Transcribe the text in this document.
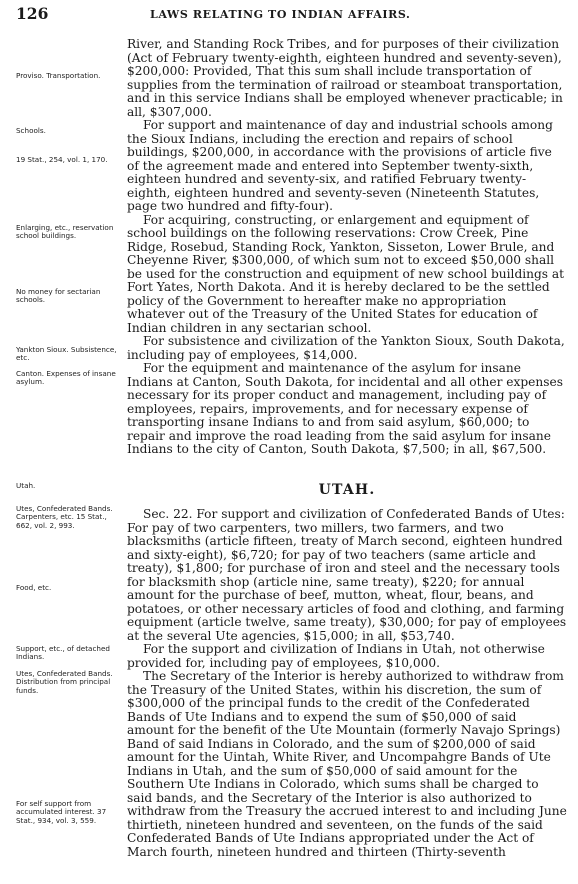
126	LAWS RELATING TO INDIAN AFFAIRS.
Proviso. Transportation.
Schools.
19 Stat., 254, vol. 1, 170.
Enlarging, etc., reservation school buildings.
No money for sectarian schools.
Yankton Sioux. Subsistence, etc.
Canton. Expenses of insane asylum.
Utah.
Utes, Confederated Bands. Carpenters, etc. 15 Stat., 662, vol. 2, 993.
Food, etc.
Support, etc., of detached Indians.
Utes, Confederated Bands. Distribution from principal funds.
For self support from accumulated interest. 37 Stat., 934, vol. 3, 559.
River, and Standing Rock Tribes, and for purposes of their civilization (Act of February twenty-eighth, eighteen hundred and seventy-seven), $200,000: Provided, That this sum shall include transportation of supplies from the termination of railroad or steamboat transportation, and in this service Indians shall be employed whenever practicable; in all, $307,000.
For support and maintenance of day and industrial schools among the Sioux Indians, including the erection and repairs of school buildings, $200,000, in accordance with the provisions of article five of the agreement made and entered into September twenty-sixth, eighteen hundred and seventy-six, and ratified February twenty-eighth, eighteen hundred and seventy-seven (Nineteenth Statutes, page two hundred and fifty-four).
For acquiring, constructing, or enlargement and equipment of school buildings on the following reservations: Crow Creek, Pine Ridge, Rosebud, Standing Rock, Yankton, Sisseton, Lower Brule, and Cheyenne River, $300,000, of which sum not to exceed $50,000 shall be used for the construction and equipment of new school buildings at Fort Yates, North Dakota. And it is hereby declared to be the settled policy of the Government to hereafter make no appropriation whatever out of the Treasury of the United States for education of Indian children in any sectarian school.
For subsistence and civilization of the Yankton Sioux, South Dakota, including pay of employees, $14,000.
For the equipment and maintenance of the asylum for insane Indians at Canton, South Dakota, for incidental and all other expenses necessary for its proper conduct and management, including pay of employees, repairs, improvements, and for necessary expense of transporting insane Indians to and from said asylum, $60,000; to repair and improve the road leading from the said asylum for insane Indians to the city of Canton, South Dakota, $7,500; in all, $67,500.
UTAH.
Sec. 22. For support and civilization of Confederated Bands of Utes: For pay of two carpenters, two millers, two farmers, and two blacksmiths (article fifteen, treaty of March second, eighteen hundred and sixty-eight), $6,720; for pay of two teachers (same article and treaty), $1,800; for purchase of iron and steel and the necessary tools for blacksmith shop (article nine, same treaty), $220; for annual amount for the purchase of beef, mutton, wheat, flour, beans, and potatoes, or other necessary articles of food and clothing, and farming equipment (article twelve, same treaty), $30,000; for pay of employees at the several Ute agencies, $15,000; in all, $53,740.
For the support and civilization of Indians in Utah, not otherwise provided for, including pay of employees, $10,000.
The Secretary of the Interior is hereby authorized to withdraw from the Treasury of the United States, within his discretion, the sum of $300,000 of the principal funds to the credit of the Confederated Bands of Ute Indians and to expend the sum of $50,000 of said amount for the benefit of the Ute Mountain (formerly Navajo Springs) Band of said Indians in Colorado, and the sum of $200,000 of said amount for the Uintah, White River, and Uncompahgre Bands of Ute Indians in Utah, and the sum of $50,000 of said amount for the Southern Ute Indians in Colorado, which sums shall be charged to said bands, and the Secretary of the Interior is also authorized to withdraw from the Treasury the accrued interest to and including June thirtieth, nineteen hundred and seventeen, on the funds of the said Confederated Bands of Ute Indians appropriated under the Act of March fourth, nineteen hundred and thirteen (Thirty-seventh
